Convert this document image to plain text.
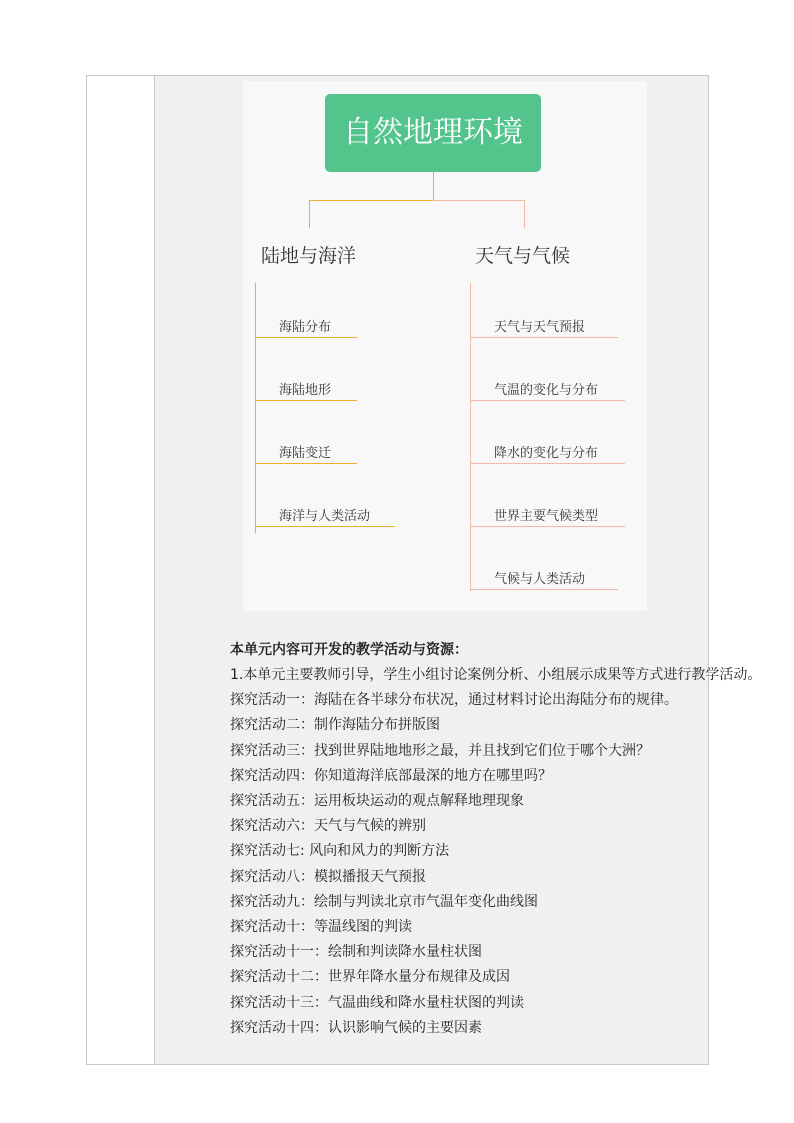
自然地理环境
陆地与海洋
海陆分布
海陆地形
海陆变迁
海洋与人类活动
天气与气候
天气与天气预报
气温的变化与分布
降水的变化与分布
世界主要气候类型
气候与人类活动

本单元内容可开发的教学活动与资源：

1.本单元主要教师引导，学生小组讨论案例分析、小组展示成果等方式进行教学活动。

探究活动一：海陆在各半球分布状况，通过材料讨论出海陆分布的规律。

探究活动二：制作海陆分布拼版图

探究活动三：找到世界陆地地形之最，并且找到它们位于哪个大洲？

探究活动四：你知道海洋底部最深的地方在哪里吗？

探究活动五：运用板块运动的观点解释地理现象

探究活动六：天气与气候的辨别

探究活动七: 风向和风力的判断方法

探究活动八：模拟播报天气预报

探究活动九：绘制与判读北京市气温年变化曲线图

探究活动十：等温线图的判读

探究活动十一：绘制和判读降水量柱状图

探究活动十二：世界年降水量分布规律及成因

探究活动十三：气温曲线和降水量柱状图的判读

探究活动十四：认识影响气候的主要因素
